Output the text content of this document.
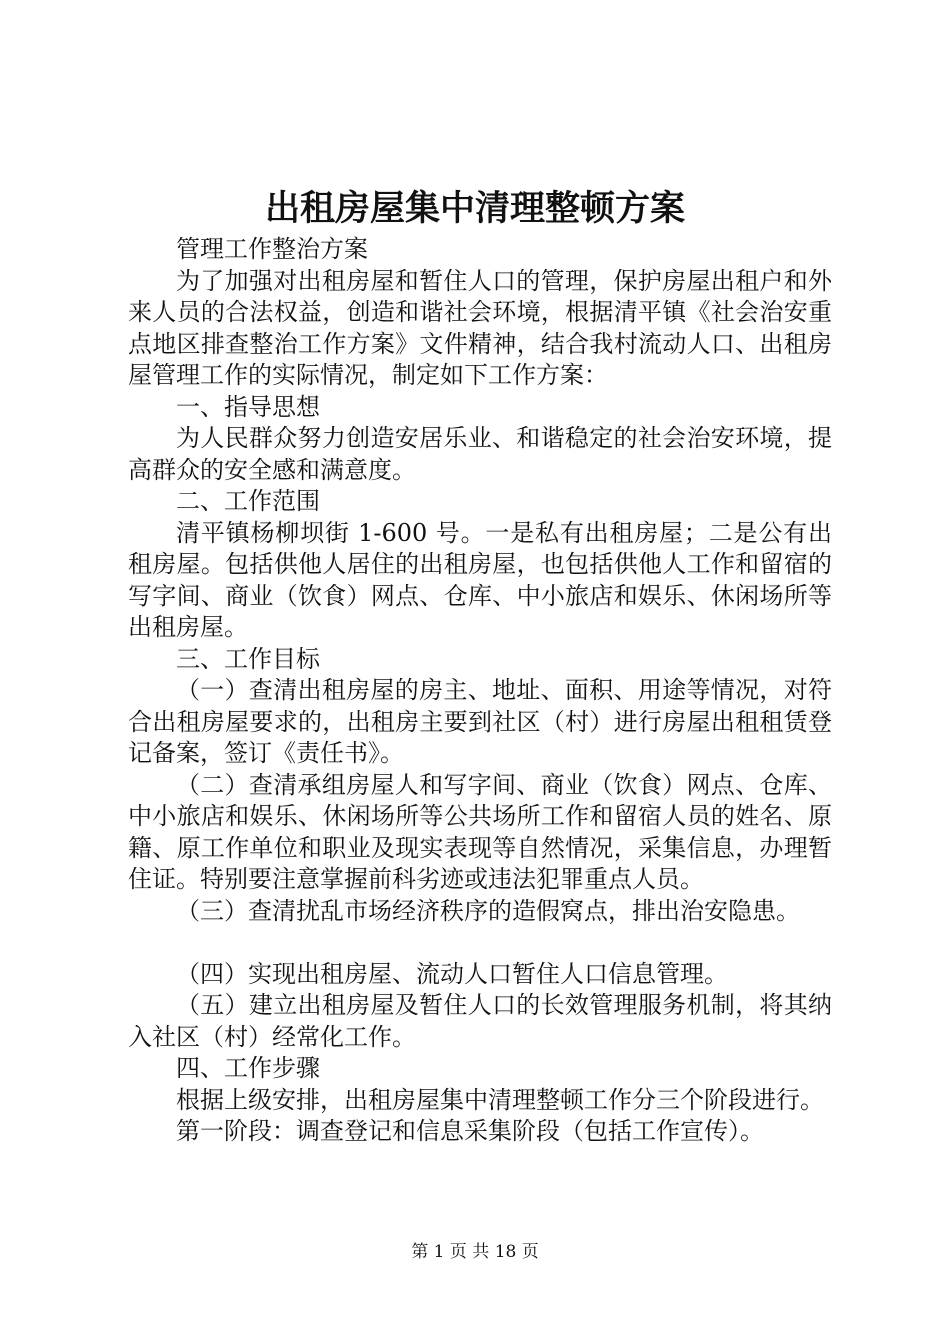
出租房屋集中清理整顿方案

管理工作整治方案

为了加强对出租房屋和暂住人口的管理，保护房屋出租户和外来人员的合法权益，创造和谐社会环境，根据清平镇《社会治安重点地区排查整治工作方案》文件精神，结合我村流动人口、出租房屋管理工作的实际情况，制定如下工作方案：

一、指导思想

为人民群众努力创造安居乐业、和谐稳定的社会治安环境，提高群众的安全感和满意度。

二、工作范围

清平镇杨柳坝街 1-600 号。一是私有出租房屋；二是公有出租房屋。包括供他人居住的出租房屋，也包括供他人工作和留宿的写字间、商业（饮食）网点、仓库、中小旅店和娱乐、休闲场所等出租房屋。

三、工作目标

（一）查清出租房屋的房主、地址、面积、用途等情况，对符合出租房屋要求的，出租房主要到社区（村）进行房屋出租租赁登记备案，签订《责任书》。

（二）查清承组房屋人和写字间、商业（饮食）网点、仓库、中小旅店和娱乐、休闲场所等公共场所工作和留宿人员的姓名、原籍、原工作单位和职业及现实表现等自然情况，采集信息，办理暂住证。特别要注意掌握前科劣迹或违法犯罪重点人员。

（三）查清扰乱市场经济秩序的造假窝点，排出治安隐患。

（四）实现出租房屋、流动人口暂住人口信息管理。

（五）建立出租房屋及暂住人口的长效管理服务机制，将其纳入社区（村）经常化工作。

四、工作步骤

根据上级安排，出租房屋集中清理整顿工作分三个阶段进行。

第一阶段：调查登记和信息采集阶段（包括工作宣传）。

第 1 页 共 18 页
